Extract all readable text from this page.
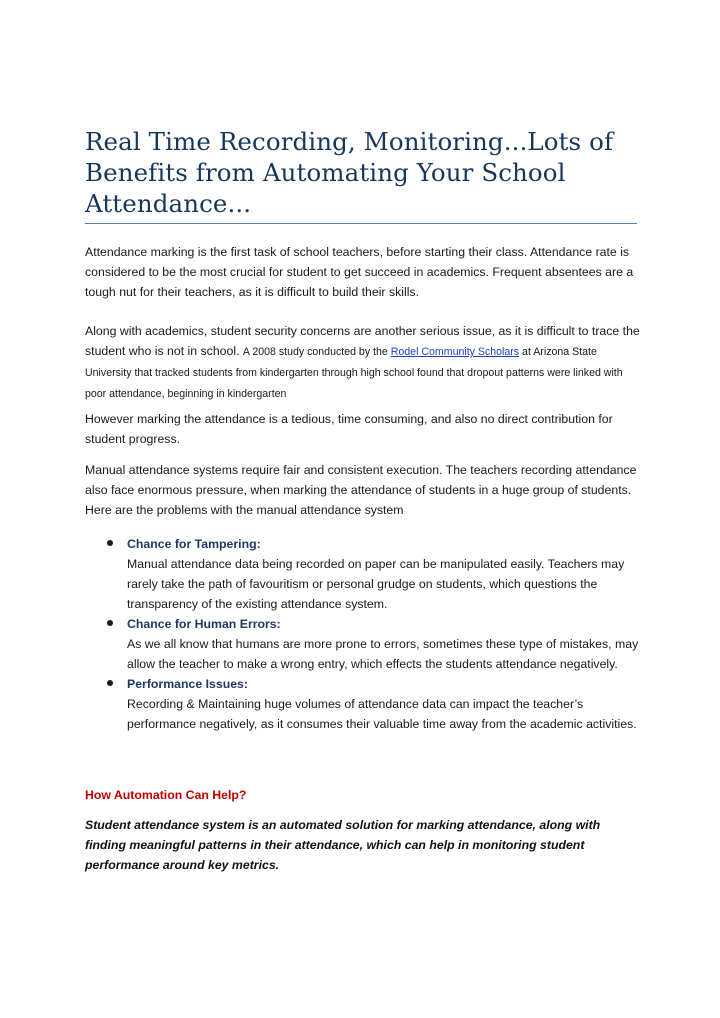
Real Time Recording, Monitoring...Lots of Benefits from Automating Your School Attendance...

Attendance marking is the first task of school teachers, before starting their class. Attendance rate is considered to be the most crucial for student to get succeed in academics. Frequent absentees are a tough nut for their teachers, as it is difficult to build their skills.

Along with academics, student security concerns are another serious issue, as it is difficult to trace the student who is not in school. A 2008 study conducted by the Rodel Community Scholars at Arizona State University that tracked students from kindergarten through high school found that dropout patterns were linked with poor attendance, beginning in kindergarten

However marking the attendance is a tedious, time consuming, and also no direct contribution for student progress.

Manual attendance systems require fair and consistent execution. The teachers recording attendance also face enormous pressure, when marking the attendance of students in a huge group of students. Here are the problems with the manual attendance system

Chance for Tampering:
Manual attendance data being recorded on paper can be manipulated easily. Teachers may rarely take the path of favouritism or personal grudge on students, which questions the transparency of the existing attendance system.
Chance for Human Errors:
As we all know that humans are more prone to errors, sometimes these type of mistakes, may allow the teacher to make a wrong entry, which effects the students attendance negatively.
Performance Issues:
Recording & Maintaining huge volumes of attendance data can impact the teacher’s performance negatively, as it consumes their valuable time away from the academic activities.
How Automation Can Help?

Student attendance system is an automated solution for marking attendance, along with finding meaningful patterns in their attendance, which can help in monitoring student performance around key metrics.
